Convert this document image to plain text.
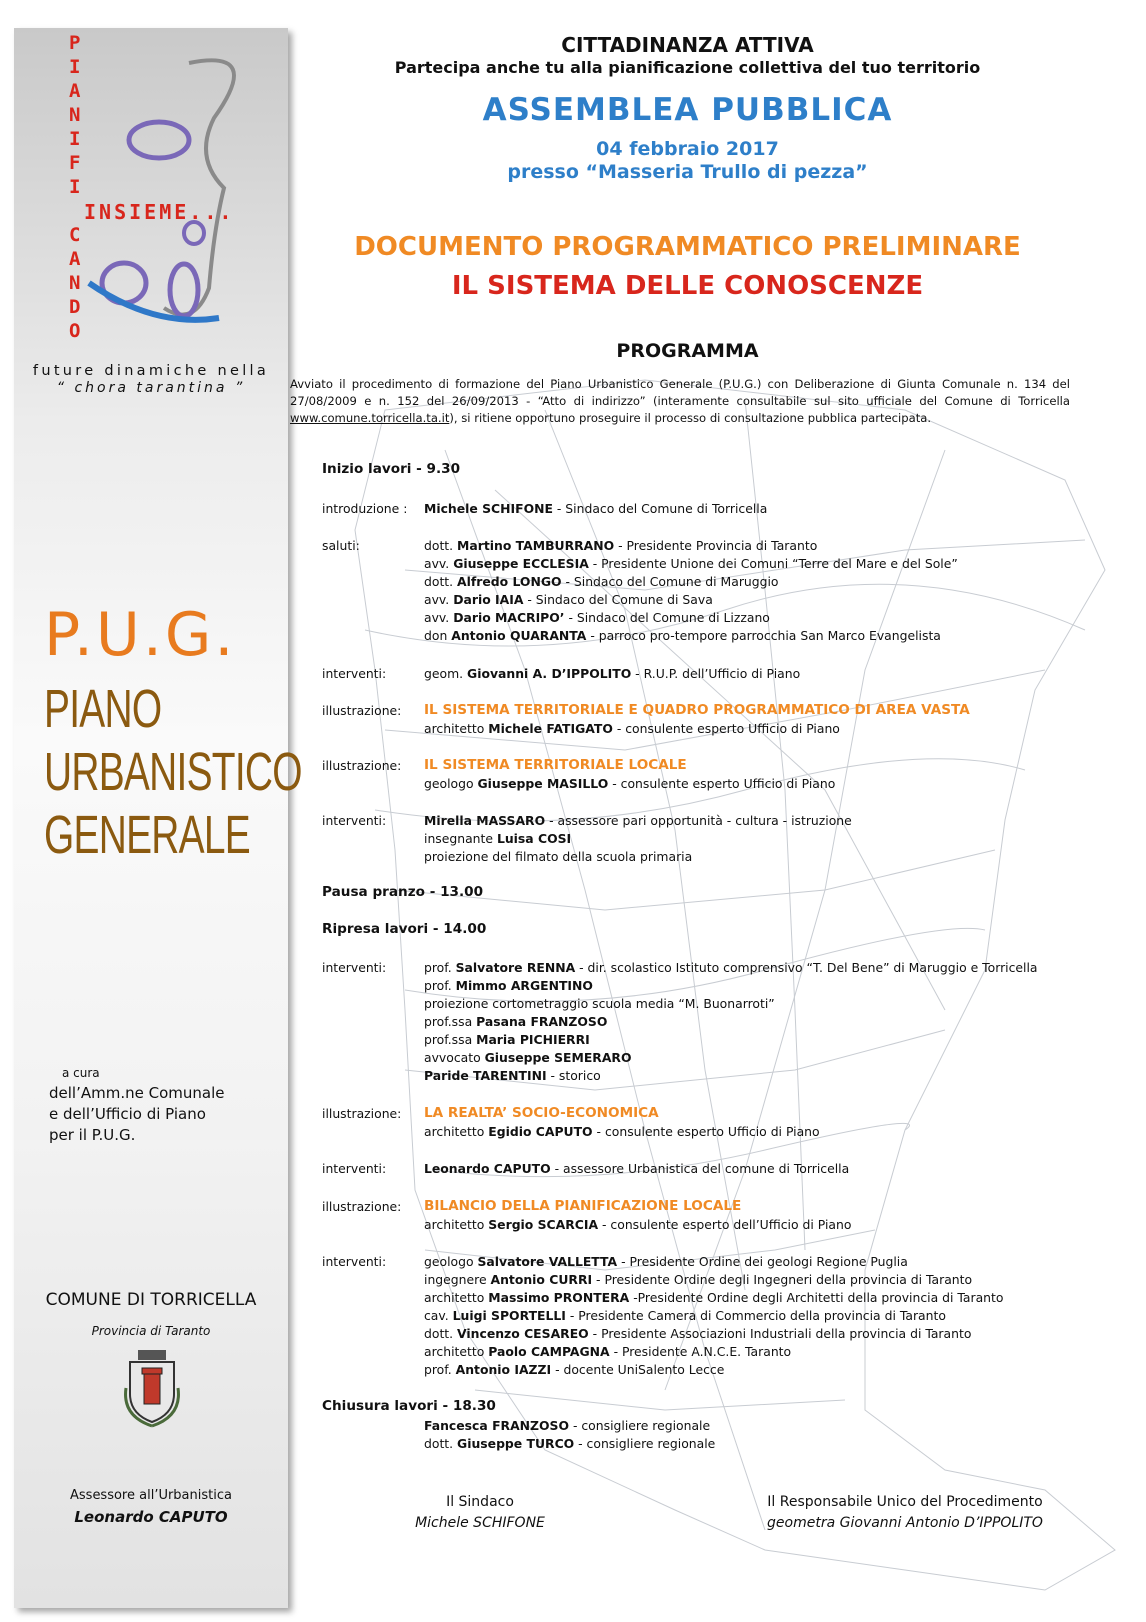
P
I
A
N
I
F
I
C
A
N
D
O
INSIEME...
future dinamiche nella
“ chora tarantina ”
P.U.G.
PIANO
URBANISTICO
GENERALE
a cura
dell’Amm.ne Comunale
e dell’Ufficio di Piano
per il P.U.G.
COMUNE DI TORRICELLA
Provincia di Taranto
Assessore all’Urbanistica
Leonardo CAPUTO
CITTADINANZA ATTIVA
Partecipa anche tu alla pianificazione collettiva del tuo territorio
ASSEMBLEA PUBBLICA
04 febbraio 2017
presso “Masseria Trullo di pezza”
DOCUMENTO PROGRAMMATICO PRELIMINARE
IL SISTEMA DELLE CONOSCENZE
PROGRAMMA
Avviato il procedimento di formazione del Piano Urbanistico Generale (P.U.G.) con Deliberazione di Giunta Comunale n. 134 del 27/08/2009 e n. 152 del 26/09/2013 - “Atto di indirizzo” (interamente consultabile sul sito ufficiale del Comune di Torricella www.comune.torricella.ta.it), si ritiene opportuno proseguire il processo di consultazione pubblica partecipata.
Inizio lavori - 9.30
introduzione : Michele SCHIFONE - Sindaco del Comune di Torricella
saluti:	dott. Martino TAMBURRANO - Presidente Provincia di Taranto
avv. Giuseppe ECCLESIA - Presidente Unione dei Comuni “Terre del Mare e del Sole”
dott. Alfredo LONGO - Sindaco del Comune di Maruggio
avv. Dario IAIA - Sindaco del Comune di Sava
avv. Dario MACRIPO’ - Sindaco del Comune di Lizzano
don Antonio QUARANTA - parroco pro-tempore parrocchia San Marco Evangelista
interventi:	geom. Giovanni A. D’IPPOLITO - R.U.P. dell’Ufficio di Piano
illustrazione: IL SISTEMA TERRITORIALE E QUADRO PROGRAMMATICO DI AREA VASTA
architetto Michele FATIGATO - consulente esperto Ufficio di Piano
illustrazione: IL SISTEMA TERRITORIALE LOCALE
geologo Giuseppe MASILLO - consulente esperto Ufficio di Piano
interventi:	Mirella MASSARO - assessore pari opportunità - cultura - istruzione
insegnante Luisa COSI
proiezione del filmato della scuola primaria
Pausa pranzo - 13.00
Ripresa lavori - 14.00
interventi:	prof. Salvatore RENNA - dir. scolastico Istituto comprensivo “T. Del Bene” di Maruggio e Torricella
prof. Mimmo ARGENTINO
proiezione cortometraggio scuola media “M. Buonarroti”
prof.ssa Pasana FRANZOSO
prof.ssa Maria PICHIERRI
avvocato Giuseppe SEMERARO
Paride TARENTINI - storico
illustrazione: LA REALTA’ SOCIO-ECONOMICA
architetto Egidio CAPUTO - consulente esperto Ufficio di Piano
interventi:	Leonardo CAPUTO - assessore Urbanistica del comune di Torricella
illustrazione: BILANCIO DELLA PIANIFICAZIONE LOCALE
architetto Sergio SCARCIA - consulente esperto dell’Ufficio di Piano
interventi:	geologo Salvatore VALLETTA - Presidente Ordine dei geologi Regione Puglia
ingegnere Antonio CURRI - Presidente Ordine degli Ingegneri della provincia di Taranto
architetto Massimo PRONTERA -Presidente Ordine degli Architetti della provincia di Taranto
cav. Luigi SPORTELLI - Presidente Camera di Commercio della provincia di Taranto
dott. Vincenzo CESAREO - Presidente Associazioni Industriali della provincia di Taranto
architetto Paolo CAMPAGNA - Presidente A.N.C.E. Taranto
prof. Antonio IAZZI - docente UniSalento Lecce
Chiusura lavori - 18.30
Fancesca FRANZOSO - consigliere regionale
dott. Giuseppe TURCO - consigliere regionale
Il Sindaco
Michele SCHIFONE
Il Responsabile Unico del Procedimento
geometra Giovanni Antonio D’IPPOLITO
